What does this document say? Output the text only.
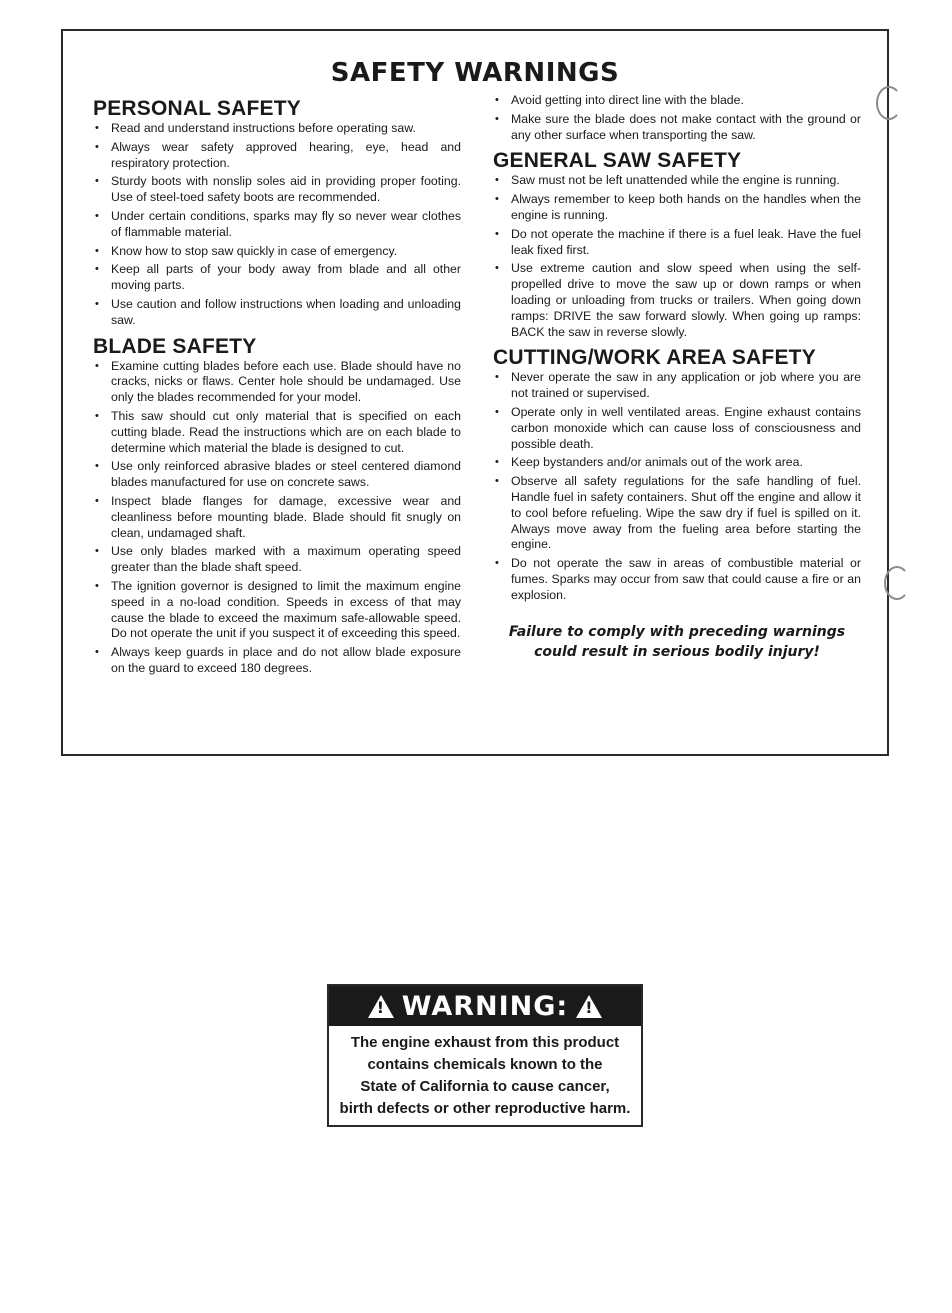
SAFETY WARNINGS
PERSONAL SAFETY
• Read and understand instructions before operating saw.
• Always wear safety approved hearing, eye, head and respiratory protection.
• Sturdy boots with nonslip soles aid in providing proper footing. Use of steel-toed safety boots are recommended.
• Under certain conditions, sparks may fly so never wear clothes of flammable material.
• Know how to stop saw quickly in case of emergency.
• Keep all parts of your body away from blade and all other moving parts.
• Use caution and follow instructions when loading and unloading saw.
BLADE SAFETY
• Examine cutting blades before each use. Blade should have no cracks, nicks or flaws. Center hole should be undamaged. Use only the blades recommended for your model.
• This saw should cut only material that is specified on each cutting blade. Read the instructions which are on each blade to determine which material the blade is designed to cut.
• Use only reinforced abrasive blades or steel centered diamond blades manufactured for use on concrete saws.
• Inspect blade flanges for damage, excessive wear and cleanliness before mounting blade. Blade should fit snugly on clean, undamaged shaft.
• Use only blades marked with a maximum operating speed greater than the blade shaft speed.
• The ignition governor is designed to limit the maximum engine speed in a no-load condition. Speeds in excess of that may cause the blade to exceed the maximum safe-allowable speed. Do not operate the unit if you suspect it of exceeding this speed.
• Always keep guards in place and do not allow blade exposure on the guard to exceed 180 degrees.
• Avoid getting into direct line with the blade.
• Make sure the blade does not make contact with the ground or any other surface when transporting the saw.
GENERAL SAW SAFETY
• Saw must not be left unattended while the engine is running.
• Always remember to keep both hands on the handles when the engine is running.
• Do not operate the machine if there is a fuel leak. Have the fuel leak fixed first.
• Use extreme caution and slow speed when using the self-propelled drive to move the saw up or down ramps or when loading or unloading from trucks or trailers. When going down ramps: DRIVE the saw forward slowly. When going up ramps: BACK the saw in reverse slowly.
CUTTING/WORK AREA SAFETY
• Never operate the saw in any application or job where you are not trained or supervised.
• Operate only in well ventilated areas. Engine exhaust contains carbon monoxide which can cause loss of consciousness and possible death.
• Keep bystanders and/or animals out of the work area.
• Observe all safety regulations for the safe handling of fuel. Handle fuel in safety containers. Shut off the engine and allow it to cool before refueling. Wipe the saw dry if fuel is spilled on it. Always move away from the fueling area before starting the engine.
• Do not operate the saw in areas of combustible material or fumes. Sparks may occur from saw that could cause a fire or an explosion.
Failure to comply with preceding warnings
could result in serious bodily injury!
!
WARNING:
!
The engine exhaust from this product
contains chemicals known to the
State of California to cause cancer,
birth defects or other reproductive harm.
